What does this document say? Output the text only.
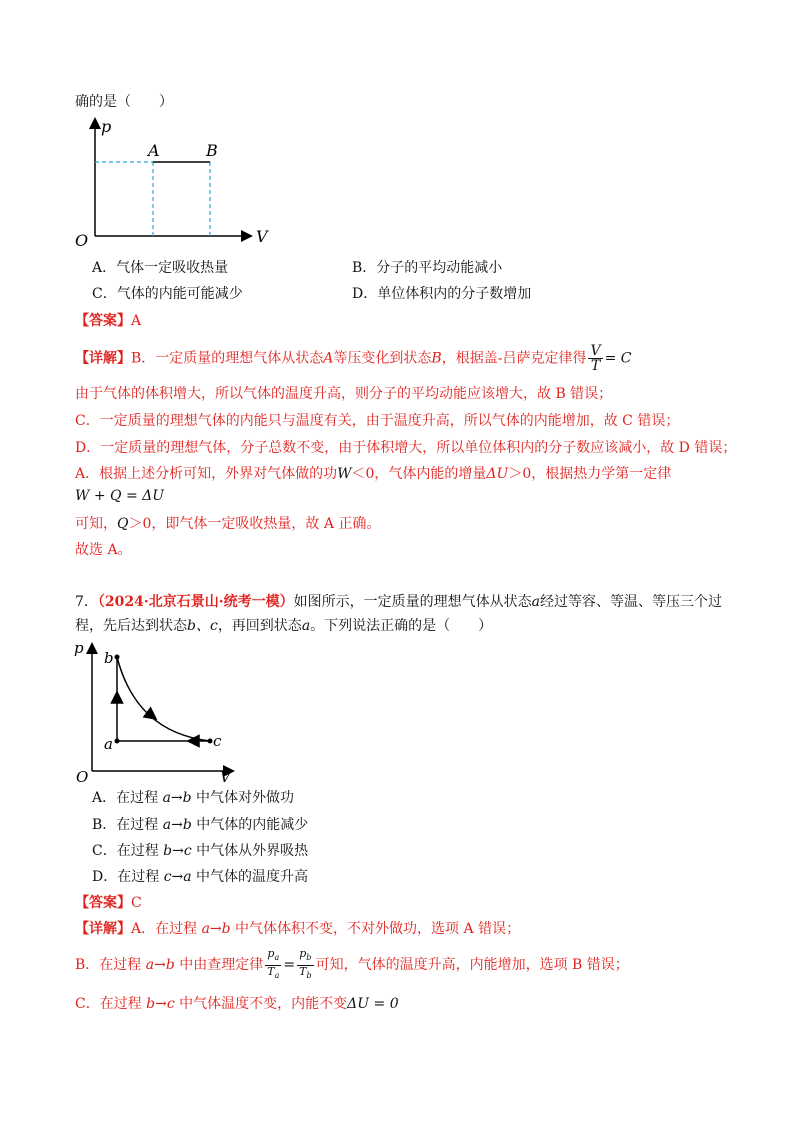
确的是（　　）
p
A	B
O	V
A．气体一定吸收热量	B．分子的平均动能减小
C．气体的内能可能减少	D．单位体积内的分子数增加
【答案】A
【详解】B．一定质量的理想气体从状态A等压变化到状态B，根据盖-吕萨克定律得 $\frac{V}{T} = C$
由于气体的体积增大，所以气体的温度升高，则分子的平均动能应该增大，故 B 错误；
C．一定质量的理想气体的内能只与温度有关，由于温度升高，所以气体的内能增加，故 C 错误；
D．一定质量的理想气体，分子总数不变，由于体积增大，所以单位体积内的分子数应该减小，故 D 错误；
A．根据上述分析可知，外界对气体做的功W＜0，气体内能的增量ΔU＞0，根据热力学第一定律
W + Q = ΔU
可知，Q＞0，即气体一定吸收热量，故 A 正确。
故选 A。
7．（2024·北京石景山·统考一模）如图所示，一定质量的理想气体从状态a经过等容、等温、等压三个过
程，先后达到状态b、c，再回到状态a。下列说法正确的是（　　）
p
b
a	c
O	V
A．在过程 a→b 中气体对外做功
B．在过程 a→b 中气体的内能减少
C．在过程 b→c 中气体从外界吸热
D．在过程 c→a 中气体的温度升高
【答案】C
【详解】A．在过程 a→b 中气体体积不变，不对外做功，选项 A 错误；
B．在过程 a→b 中由查理定律 $\frac{p_a}{T_a} = \frac{p_b}{T_b}$ 可知，气体的温度升高，内能增加，选项 B 错误；
C．在过程 b→c 中气体温度不变，内能不变ΔU = 0
